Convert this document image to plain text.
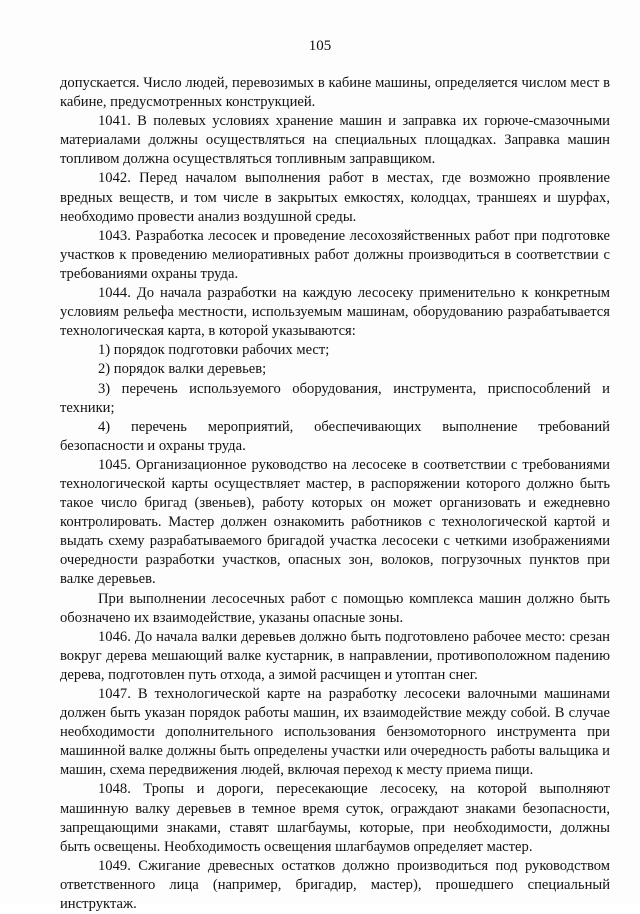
105

допускается. Число людей, перевозимых в кабине машины, определяется числом мест в кабине, предусмотренных конструкцией.

1041. В полевых условиях хранение машин и заправка их горюче-смазочными материалами должны осуществляться на специальных площадках. Заправка машин топливом должна осуществляться топливным заправщиком.

1042. Перед началом выполнения работ в местах, где возможно проявление вредных веществ, и том числе в закрытых емкостях, колодцах, траншеях и шурфах, необходимо провести анализ воздушной среды.

1043. Разработка лесосек и проведение лесохозяйственных работ при подготовке участков к проведению мелиоративных работ должны производиться в соответствии с требованиями охраны труда.

1044. До начала разработки на каждую лесосеку применительно к конкретным условиям рельефа местности, используемым машинам, оборудованию разрабатывается технологическая карта, в которой указываются:

1) порядок подготовки рабочих мест;

2) порядок валки деревьев;

3) перечень используемого оборудования, инструмента, приспособлений и техники;

4) перечень мероприятий, обеспечивающих выполнение требований безопасности и охраны труда.

1045. Организационное руководство на лесосеке в соответствии с требованиями технологической карты осуществляет мастер, в распоряжении которого должно быть такое число бригад (звеньев), работу которых он может организовать и ежедневно контролировать. Мастер должен ознакомить работников с технологической картой и выдать схему разрабатываемого бригадой участка лесосеки с четкими изображениями очередности разработки участков, опасных зон, волоков, погрузочных пунктов при валке деревьев.

При выполнении лесосечных работ с помощью комплекса машин должно быть обозначено их взаимодействие, указаны опасные зоны.

1046. До начала валки деревьев должно быть подготовлено рабочее место: срезан вокруг дерева мешающий валке кустарник, в направлении, противоположном падению дерева, подготовлен путь отхода, а зимой расчищен и утоптан снег.

1047. В технологической карте на разработку лесосеки валочными машинами должен быть указан порядок работы машин, их взаимодействие между собой. В случае необходимости дополнительного использования бензомоторного инструмента при машинной валке должны быть определены участки или очередность работы вальщика и машин, схема передвижения людей, включая переход к месту приема пищи.

1048. Тропы и дороги, пересекающие лесосеку, на которой выполняют машинную валку деревьев в темное время суток, ограждают знаками безопасности, запрещающими знаками, ставят шлагбаумы, которые, при необходимости, должны быть освещены. Необходимость освещения шлагбаумов определяет мастер.

1049. Сжигание древесных остатков должно производиться под руководством ответственного лица (например, бригадир, мастер), прошедшего специальный инструктаж.
